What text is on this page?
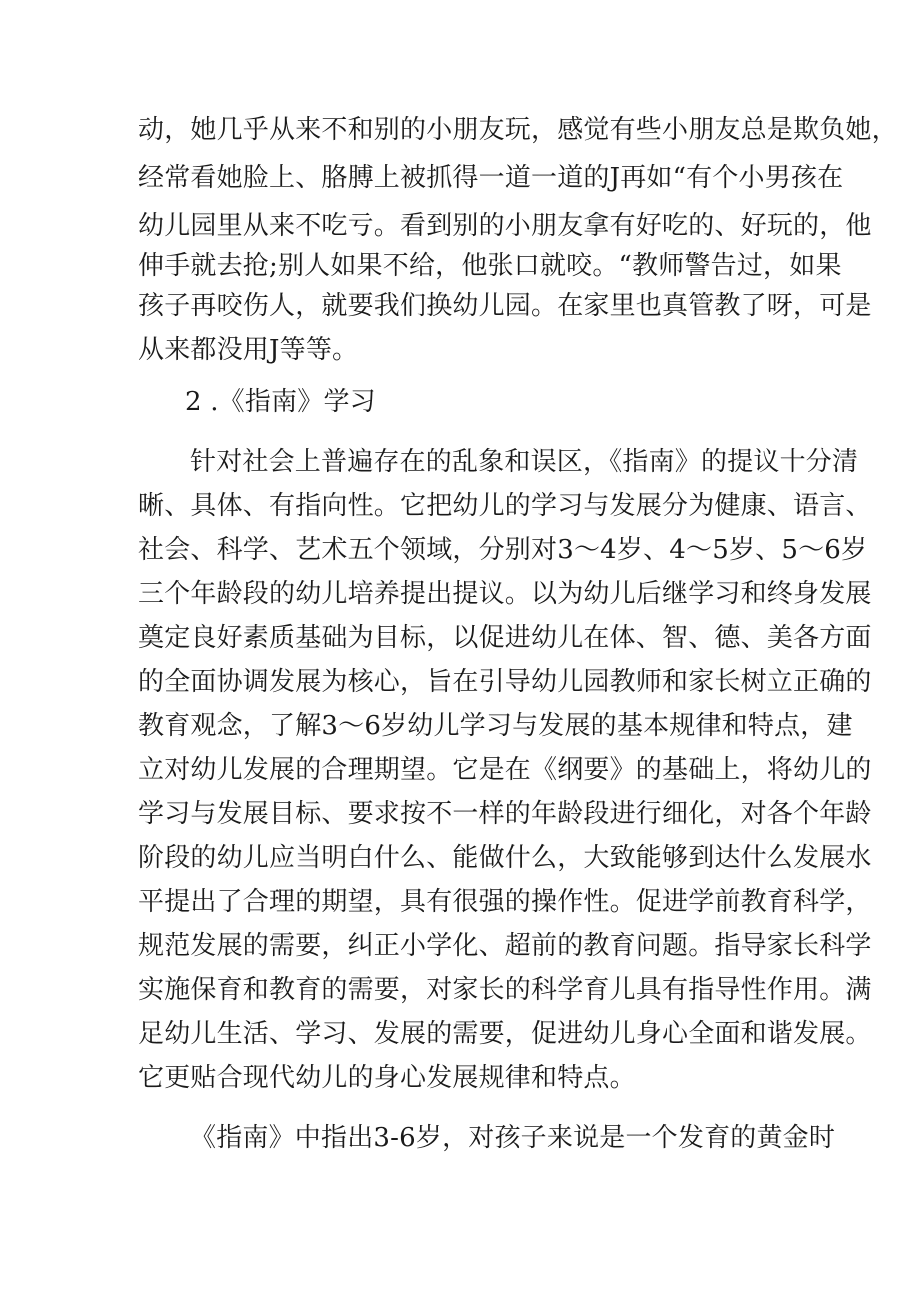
动，她几乎从来不和别的小朋友玩，感觉有些小朋友总是欺负她，
经常看她脸上、胳膊上被抓得一道一道的J再如“有个小男孩在
幼儿园里从来不吃亏。看到别的小朋友拿有好吃的、好玩的，他
伸手就去抢;别人如果不给，他张口就咬。“教师警告过，如果
孩子再咬伤人，就要我们换幼儿园。在家里也真管教了呀，可是
从来都没用J等等。
2 .《指南》学习
针对社会上普遍存在的乱象和误区，《指南》的提议十分清
晰、具体、有指向性。它把幼儿的学习与发展分为健康、语言、
社会、科学、艺术五个领域，分别对3～4岁、4～5岁、5～6岁
三个年龄段的幼儿培养提出提议。以为幼儿后继学习和终身发展
奠定良好素质基础为目标，以促进幼儿在体、智、德、美各方面
的全面协调发展为核心，旨在引导幼儿园教师和家长树立正确的
教育观念，了解3～6岁幼儿学习与发展的基本规律和特点，建
立对幼儿发展的合理期望。它是在《纲要》的基础上，将幼儿的
学习与发展目标、要求按不一样的年龄段进行细化，对各个年龄
阶段的幼儿应当明白什么、能做什么，大致能够到达什么发展水
平提出了合理的期望，具有很强的操作性。促进学前教育科学，
规范发展的需要，纠正小学化、超前的教育问题。指导家长科学
实施保育和教育的需要，对家长的科学育儿具有指导性作用。满
足幼儿生活、学习、发展的需要，促进幼儿身心全面和谐发展。
它更贴合现代幼儿的身心发展规律和特点。
《指南》中指出3-6岁，对孩子来说是一个发育的黄金时
